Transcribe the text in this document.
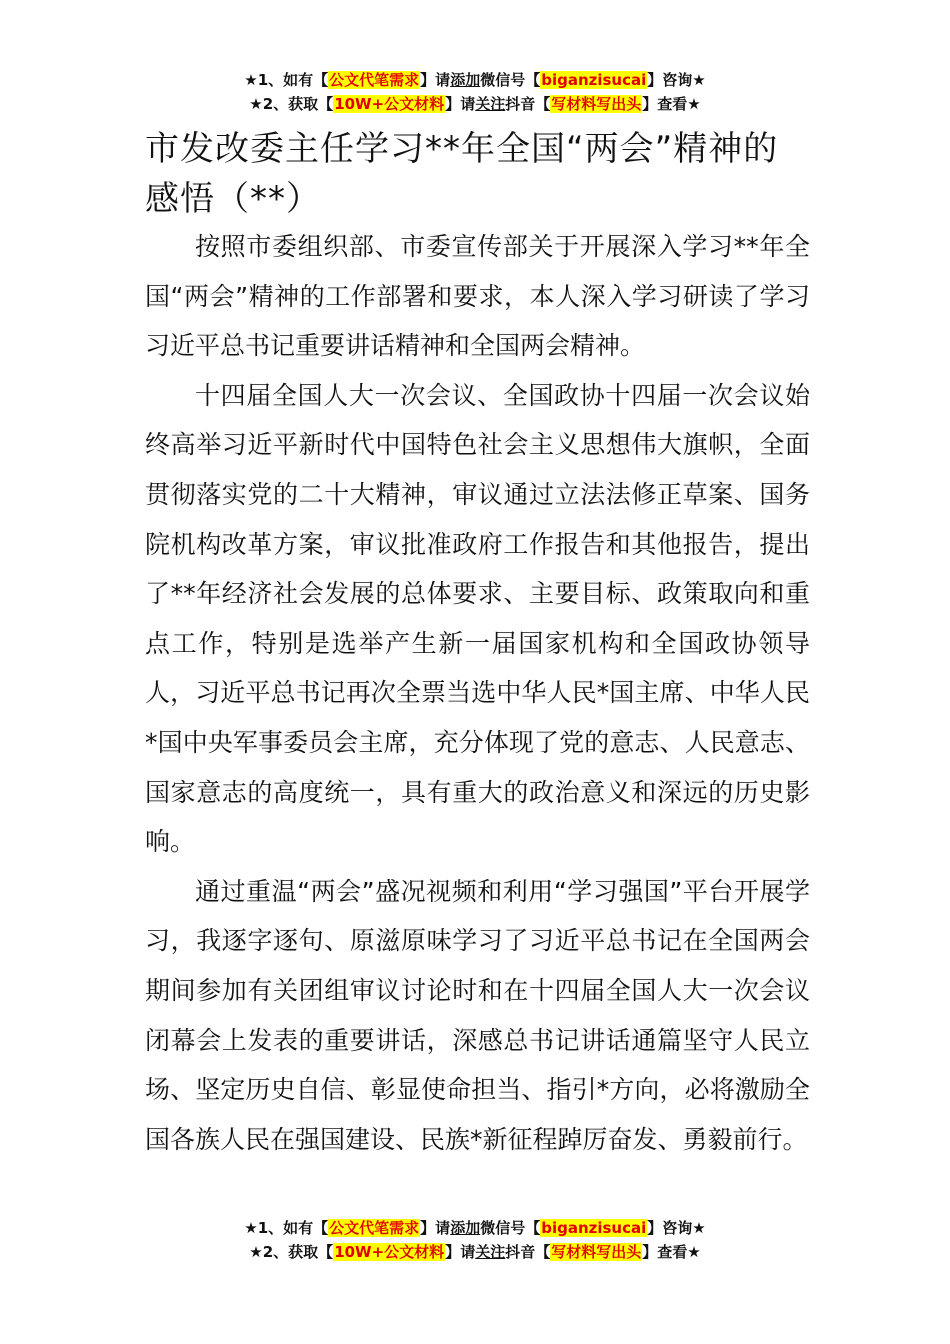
★1、如有【公文代笔需求】请添加微信号【biganzisucai】咨询★
★2、获取【10W+公文材料】请关注抖音【写材料写出头】查看★
市发改委主任学习**年全国“两会”精神的感悟（**）

按照市委组织部、市委宣传部关于开展深入学习**年全国“两会”精神的工作部署和要求，本人深入学习研读了学习习近平总书记重要讲话精神和全国两会精神。

十四届全国人大一次会议、全国政协十四届一次会议始终高举习近平新时代中国特色社会主义思想伟大旗帜，全面贯彻落实党的二十大精神，审议通过立法法修正草案、国务院机构改革方案，审议批准政府工作报告和其他报告，提出了**年经济社会发展的总体要求、主要目标、政策取向和重点工作，特别是选举产生新一届国家机构和全国政协领导人，习近平总书记再次全票当选中华人民*国主席、中华人民*国中央军事委员会主席，充分体现了党的意志、人民意志、国家意志的高度统一，具有重大的政治意义和深远的历史影响。

通过重温“两会”盛况视频和利用“学习强国”平台开展学习，我逐字逐句、原滋原味学习了习近平总书记在全国两会期间参加有关团组审议讨论时和在十四届全国人大一次会议闭幕会上发表的重要讲话，深感总书记讲话通篇坚守人民立场、坚定历史自信、彰显使命担当、指引*方向，必将激励全国各族人民在强国建设、民族*新征程踔厉奋发、勇毅前行。

★1、如有【公文代笔需求】请添加微信号【biganzisucai】咨询★
★2、获取【10W+公文材料】请关注抖音【写材料写出头】查看★
